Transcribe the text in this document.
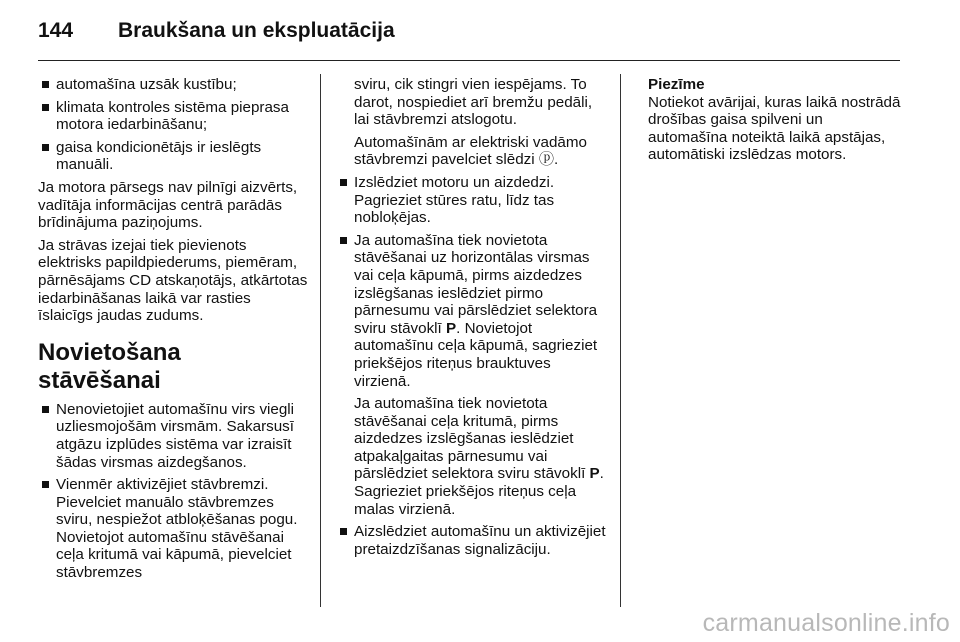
144	Braukšana un ekspluatācija
automašīna uzsāk kustību;
klimata kontroles sistēma pieprasa motora iedarbināšanu;
gaisa kondicionētājs ir ieslēgts manuāli.
Ja motora pārsegs nav pilnīgi aizvērts, vadītāja informācijas centrā parādās brīdinājuma paziņojums.
Ja strāvas izejai tiek pievienots elektrisks papildpiederums, piemēram, pārnēsājams CD atskaņotājs, atkārtotas iedarbināšanas laikā var rasties īslaicīgs jaudas zudums.
Novietošana stāvēšanai
Nenovietojiet automašīnu virs viegli uzliesmojošām virsmām. Sakarsusī atgāzu izplūdes sistēma var izraisīt šādas virsmas aizdegšanos.
Vienmēr aktivizējiet stāvbremzi. Pievelciet manuālo stāvbremzes sviru, nespiežot atbloķēšanas pogu. Novietojot automašīnu stāvēšanai ceļa kritumā vai kāpumā, pievelciet stāvbremzes
sviru, cik stingri vien iespējams. To darot, nospiediet arī bremžu pedāli, lai stāvbremzi atslogotu.
Automašīnām ar elektriski vadāmo stāvbremzi pavelciet slēdzi ⓟ.
Izslēdziet motoru un aizdedzi. Pagrieziet stūres ratu, līdz tas nobloķējas.
Ja automašīna tiek novietota stāvēšanai uz horizontālas virsmas vai ceļa kāpumā, pirms aizdedzes izslēgšanas ieslēdziet pirmo pārnesumu vai pārslēdziet selektora sviru stāvoklī P. Novietojot automašīnu ceļa kāpumā, sagrieziet priekšējos riteņus brauktuves virzienā.
Ja automašīna tiek novietota stāvēšanai ceļa kritumā, pirms aizdedzes izslēgšanas ieslēdziet atpakaļgaitas pārnesumu vai pārslēdziet selektora sviru stāvoklī P. Sagrieziet priekšējos riteņus ceļa malas virzienā.
Aizslēdziet automašīnu un aktivizējiet pretaizdzīšanas signalizāciju.
Piezīme
Notiekot avārijai, kuras laikā nostrādā drošības gaisa spilveni un automašīna noteiktā laikā apstājas, automātiski izslēdzas motors.
carmanualsonline.info
